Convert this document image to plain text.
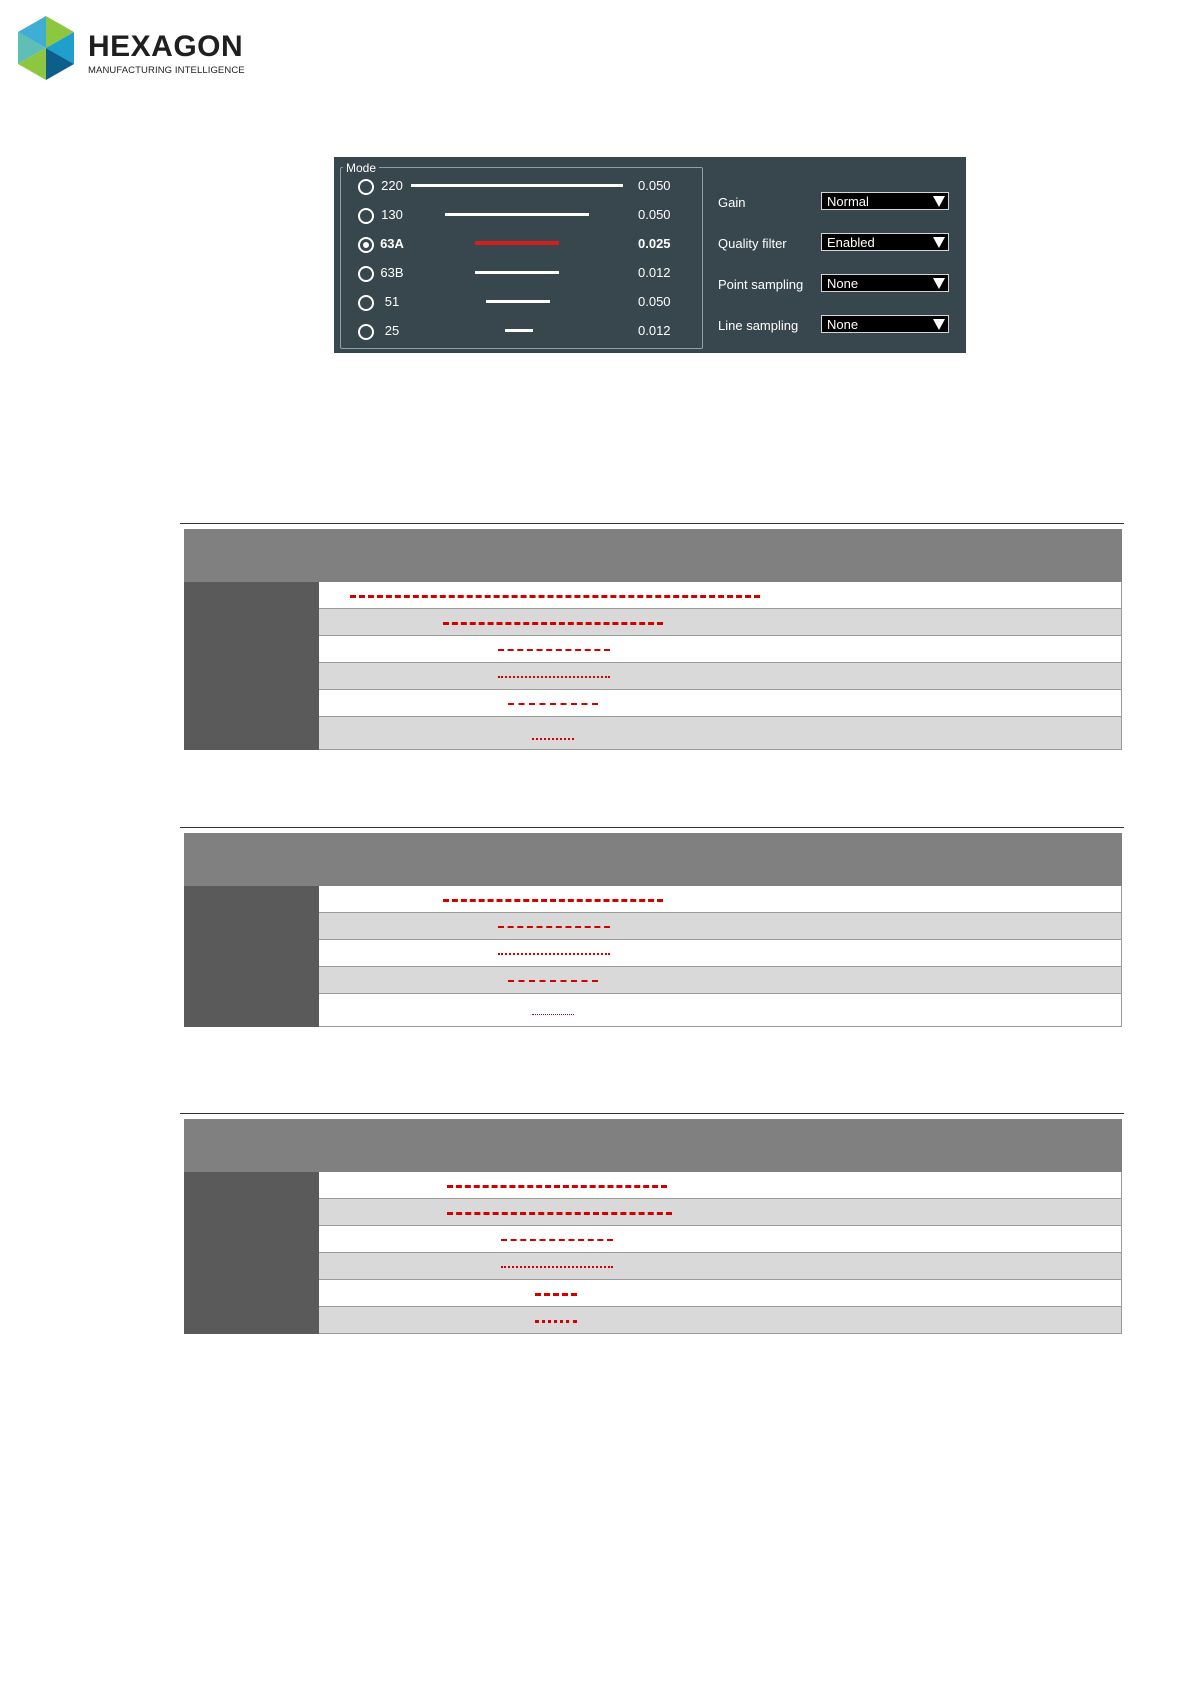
HEXAGON
MANUFACTURING INTELLIGENCE
Mode
220	0.050
130	0.050
63A	0.025
63B	0.012
51	0.050
25	0.012
Gain	Normal
Quality filter	Enabled
Point sampling	None
Line sampling	None
